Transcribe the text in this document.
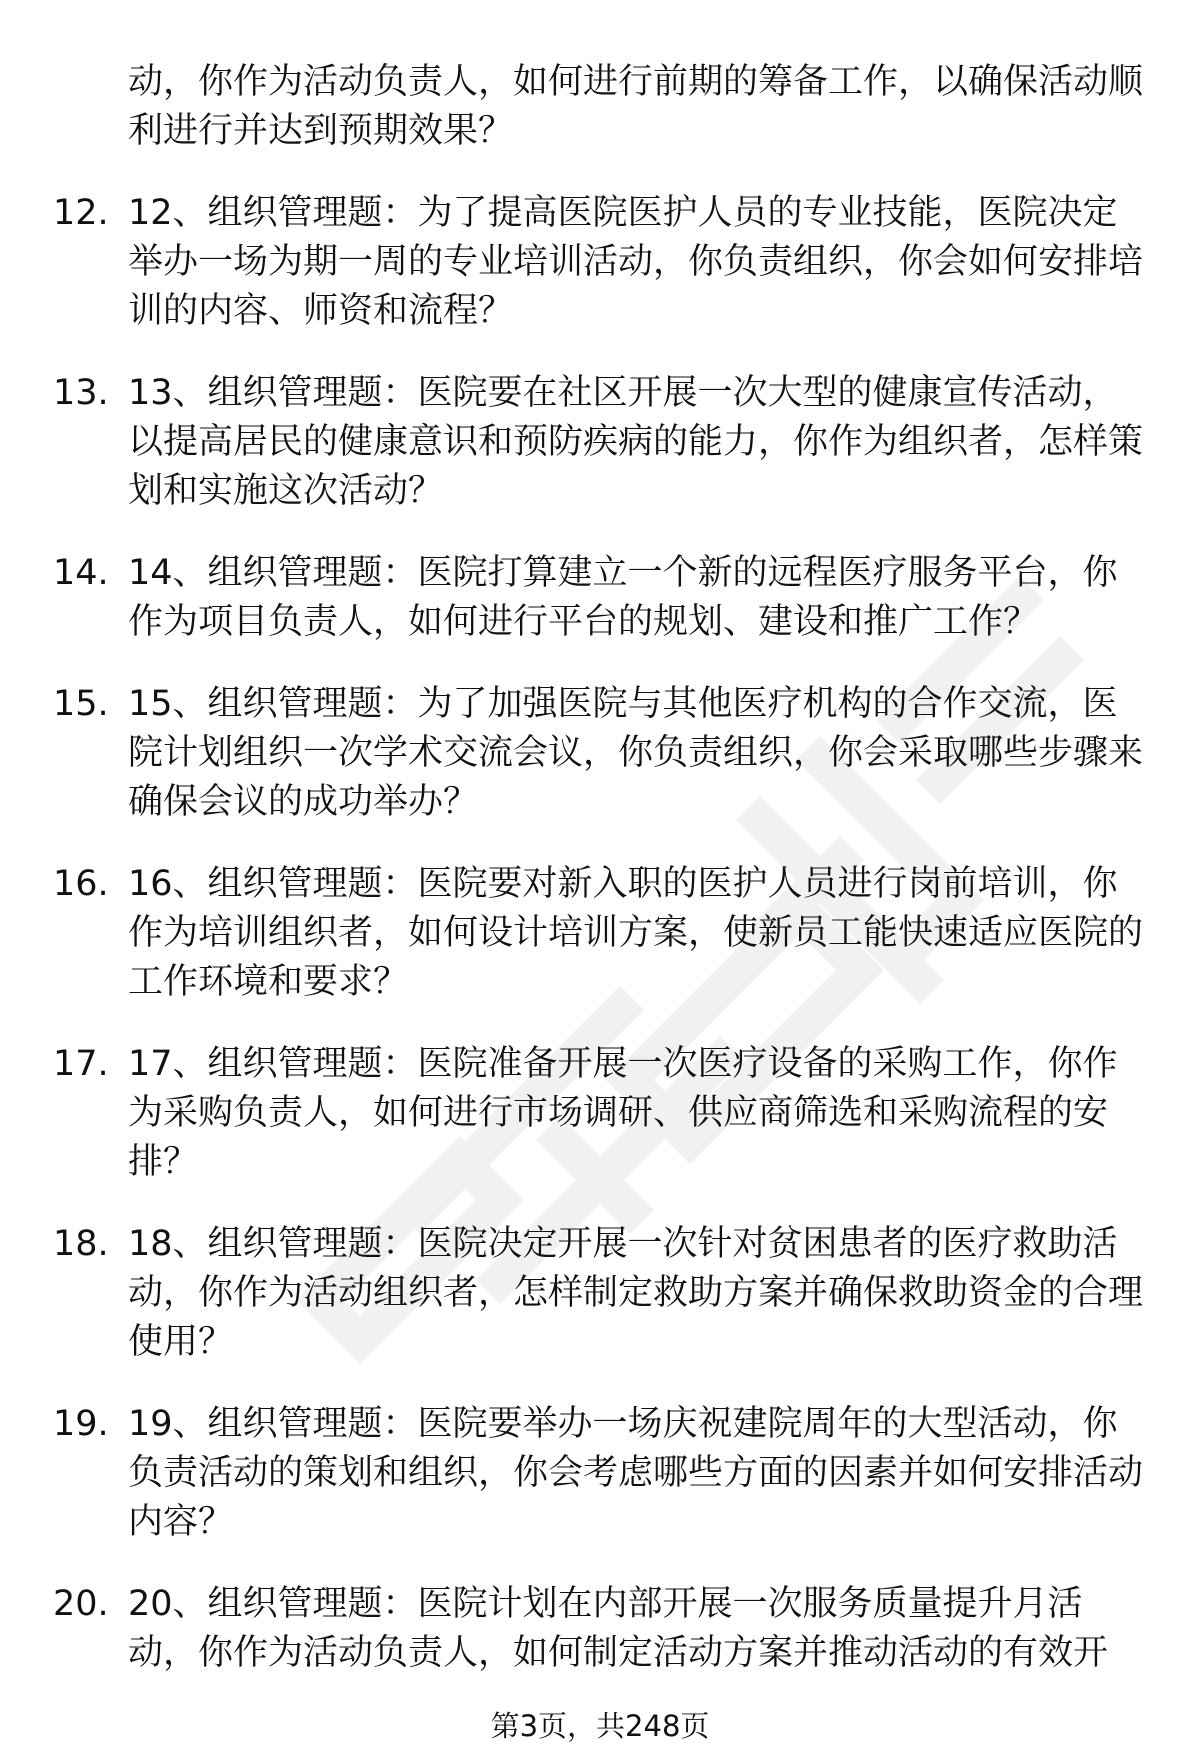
动，你作为活动负责人，如何进行前期的筹备工作，以确保活动顺利进行并达到预期效果？
12. 12、组织管理题：为了提高医院医护人员的专业技能，医院决定举办一场为期一周的专业培训活动，你负责组织，你会如何安排培训的内容、师资和流程？
13. 13、组织管理题：医院要在社区开展一次大型的健康宣传活动，以提高居民的健康意识和预防疾病的能力，你作为组织者，怎样策划和实施这次活动？
14. 14、组织管理题：医院打算建立一个新的远程医疗服务平台，你作为项目负责人，如何进行平台的规划、建设和推广工作？
15. 15、组织管理题：为了加强医院与其他医疗机构的合作交流，医院计划组织一次学术交流会议，你负责组织，你会采取哪些步骤来确保会议的成功举办？
16. 16、组织管理题：医院要对新入职的医护人员进行岗前培训，你作为培训组织者，如何设计培训方案，使新员工能快速适应医院的工作环境和要求？
17. 17、组织管理题：医院准备开展一次医疗设备的采购工作，你作为采购负责人，如何进行市场调研、供应商筛选和采购流程的安排？
18. 18、组织管理题：医院决定开展一次针对贫困患者的医疗救助活动，你作为活动组织者，怎样制定救助方案并确保救助资金的合理使用？
19. 19、组织管理题：医院要举办一场庆祝建院周年的大型活动，你负责活动的策划和组织，你会考虑哪些方面的因素并如何安排活动内容？
20. 20、组织管理题：医院计划在内部开展一次服务质量提升月活动，你作为活动负责人，如何制定活动方案并推动活动的有效开
第3页，共248页
